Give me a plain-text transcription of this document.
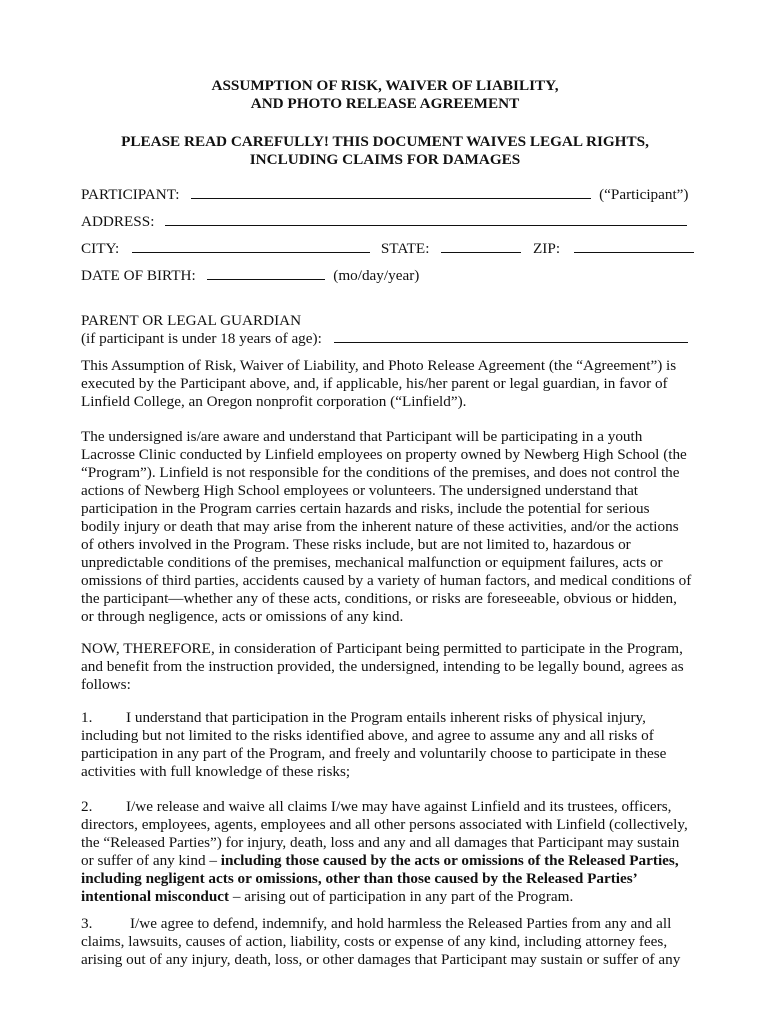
ASSUMPTION OF RISK, WAIVER OF LIABILITY,
AND PHOTO RELEASE AGREEMENT
PLEASE READ CAREFULLY! THIS DOCUMENT WAIVES LEGAL RIGHTS,
INCLUDING CLAIMS FOR DAMAGES
PARTICIPANT:	(“Participant”)
ADDRESS:
CITY:	STATE:	ZIP:
DATE OF BIRTH:	(mo/day/year)
PARENT OR LEGAL GUARDIAN
(if participant is under 18 years of age):
This Assumption of Risk, Waiver of Liability, and Photo Release Agreement (the “Agreement”) is
executed by the Participant above, and, if applicable, his/her parent or legal guardian, in favor of
Linfield College, an Oregon nonprofit corporation (“Linfield”).
The undersigned is/are aware and understand that Participant will be participating in a youth
Lacrosse Clinic conducted by Linfield employees on property owned by Newberg High School (the
“Program”). Linfield is not responsible for the conditions of the premises, and does not control the
actions of Newberg High School employees or volunteers. The undersigned understand that
participation in the Program carries certain hazards and risks, include the potential for serious
bodily injury or death that may arise from the inherent nature of these activities, and/or the actions
of others involved in the Program. These risks include, but are not limited to, hazardous or
unpredictable conditions of the premises, mechanical malfunction or equipment failures, acts or
omissions of third parties, accidents caused by a variety of human factors, and medical conditions of
the participant—whether any of these acts, conditions, or risks are foreseeable, obvious or hidden,
or through negligence, acts or omissions of any kind.
NOW, THEREFORE, in consideration of Participant being permitted to participate in the Program,
and benefit from the instruction provided, the undersigned, intending to be legally bound, agrees as
follows:
1. I understand that participation in the Program entails inherent risks of physical injury,
including but not limited to the risks identified above, and agree to assume any and all risks of
participation in any part of the Program, and freely and voluntarily choose to participate in these
activities with full knowledge of these risks;
2. I/we release and waive all claims I/we may have against Linfield and its trustees, officers,
directors, employees, agents, employees and all other persons associated with Linfield (collectively,
the “Released Parties”) for injury, death, loss and any and all damages that Participant may sustain
or suffer of any kind – including those caused by the acts or omissions of the Released Parties,
including negligent acts or omissions, other than those caused by the Released Parties’
intentional misconduct – arising out of participation in any part of the Program.
3. I/we agree to defend, indemnify, and hold harmless the Released Parties from any and all
claims, lawsuits, causes of action, liability, costs or expense of any kind, including attorney fees,
arising out of any injury, death, loss, or other damages that Participant may sustain or suffer of any
